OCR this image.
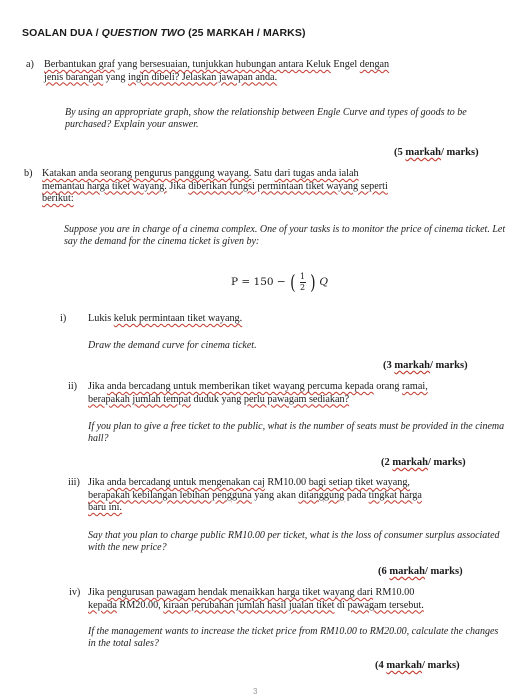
SOALAN DUA / QUESTION TWO (25 MARKAH / MARKS)
a) Berbantukan graf yang bersesuaian, tunjukkan hubungan antara Keluk Engel dengan
jenis barangan yang ingin dibeli? Jelaskan jawapan anda.
By using an appropriate graph, show the relationship between Engle Curve and types of goods to be purchased? Explain your answer.
(5 markah/ marks)
b) Katakan anda seorang pengurus panggung wayang. Satu dari tugas anda ialah
memantau harga tiket wayang. Jika diberikan fungsi permintaan tiket wayang seperti
berikut:
Suppose you are in charge of a cinema complex. One of your tasks is to monitor the price of cinema ticket. Let say the demand for the cinema ticket is given by:
P = 150 − ( $\frac{1}{2}$ ) Q
i) Lukis keluk permintaan tiket wayang.
Draw the demand curve for cinema ticket.
(3 markah/ marks)
ii) Jika anda bercadang untuk memberikan tiket wayang percuma kepada orang ramai,
berapakah jumlah tempat duduk yang perlu pawagam sediakan?
If you plan to give a free ticket to the public, what is the number of seats must be provided in the cinema hall?
(2 markah/ marks)
iii) Jika anda bercadang untuk mengenakan caj RM10.00 bagi setiap tiket wayang,
berapakah kebilangan lebihan pengguna yang akan ditanggung pada tingkat harga
baru ini.
Say that you plan to charge public RM10.00 per ticket, what is the loss of consumer surplus associated with the new price?
(6 markah/ marks)
iv) Jika pengurusan pawagam hendak menaikkan harga tiket wayang dari RM10.00
kepada RM20.00, kiraan perubahan jumlah hasil jualan tiket di pawagam tersebut.
If the management wants to increase the ticket price from RM10.00 to RM20.00, calculate the changes in the total sales?
(4 markah/ marks)
3
